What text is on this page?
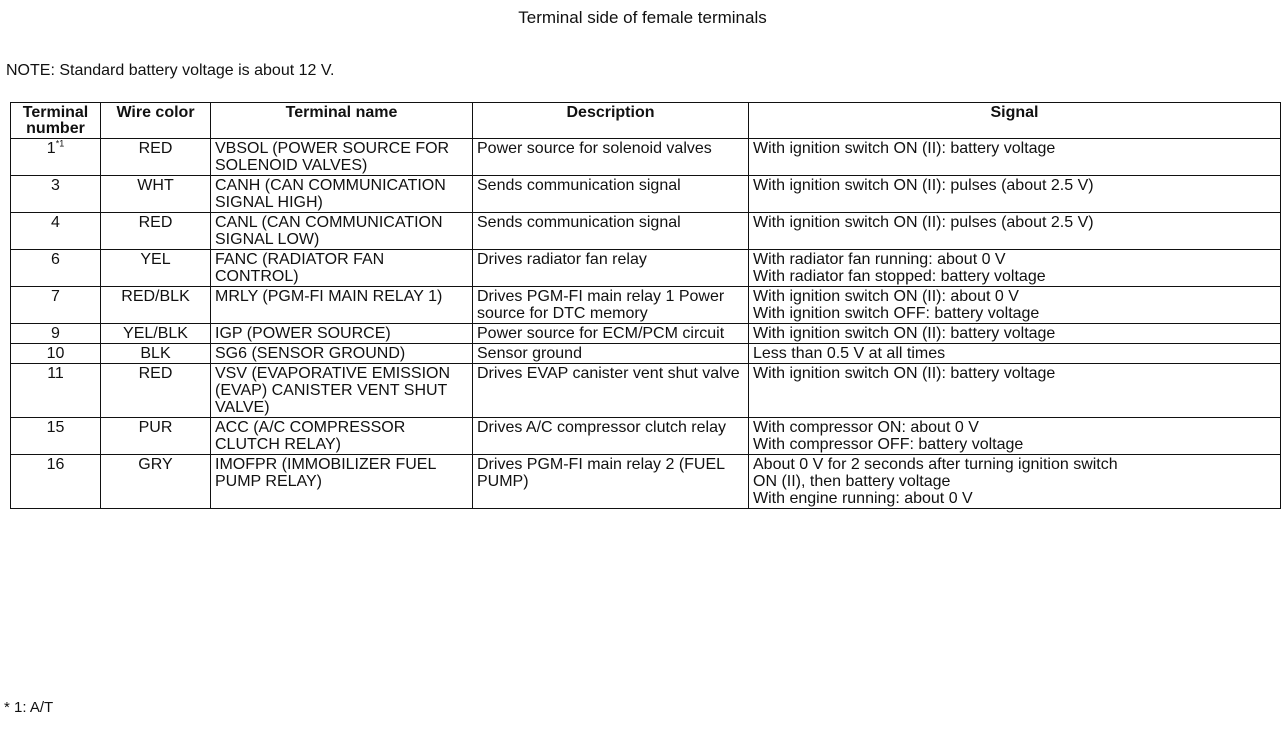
Terminal side of female terminals
NOTE: Standard battery voltage is about 12 V.
Terminal
number	Wire color	Terminal name	Description	Signal
1$^{*1}$	RED	VBSOL (POWER SOURCE FOR SOLENOID VALVES)	Power source for solenoid valves	With ignition switch ON (II): battery voltage

3	WHT	CANH (CAN COMMUNICATION SIGNAL HIGH)	Sends communication signal	With ignition switch ON (II): pulses (about 2.5 V)

4	RED	CANL (CAN COMMUNICATION SIGNAL LOW)	Sends communication signal	With ignition switch ON (II): pulses (about 2.5 V)

6	YEL	FANC (RADIATOR FAN CONTROL)	Drives radiator fan relay	With radiator fan running: about 0 V
With radiator fan stopped: battery voltage

7	RED/BLK	MRLY (PGM-FI MAIN RELAY 1)	Drives PGM-FI main relay 1 Power source for DTC memory	With ignition switch ON (II): about 0 V
With ignition switch OFF: battery voltage

9	YEL/BLK	IGP (POWER SOURCE)	Power source for ECM/PCM circuit	With ignition switch ON (II): battery voltage

10	BLK	SG6 (SENSOR GROUND)	Sensor ground	Less than 0.5 V at all times

11	RED	VSV (EVAPORATIVE EMISSION (EVAP) CANISTER VENT SHUT VALVE)	Drives EVAP canister vent shut valve	With ignition switch ON (II): battery voltage

15	PUR	ACC (A/C COMPRESSOR CLUTCH RELAY)	Drives A/C compressor clutch relay	With compressor ON: about 0 V
With compressor OFF: battery voltage

16	GRY	IMOFPR (IMMOBILIZER FUEL PUMP RELAY)	Drives PGM-FI main relay 2 (FUEL PUMP)	About 0 V for 2 seconds after turning ignition switch
ON (II), then battery voltage
With engine running: about 0 V
* 1: A/T
